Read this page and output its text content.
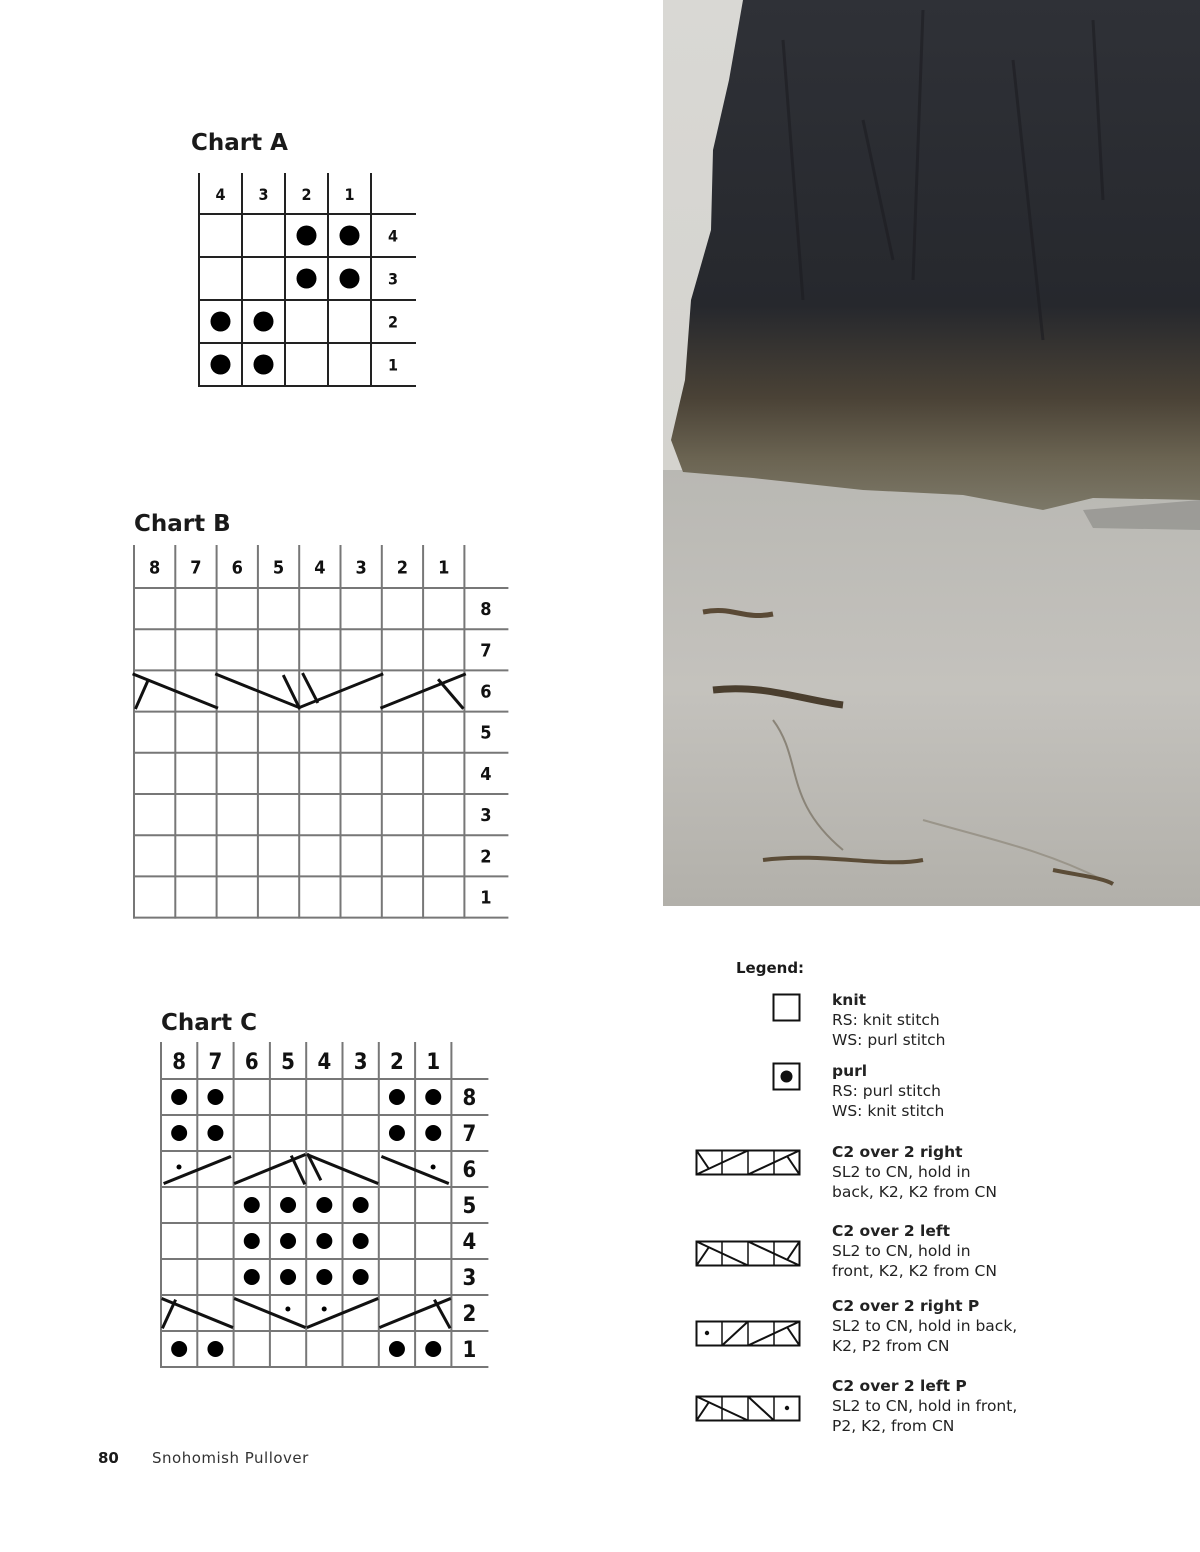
Chart A
4 3 2 1
4
3
2
1
8 7 6 5 4 3 2 1
8
7
6
5
4
3
2
1
8 7 6 5 4 3 2 1
8
7
6
5
4
3
2
1
Chart B
Chart C
Legend:
knit
RS: knit stitch
WS: purl stitch
purl
RS: purl stitch
WS: knit stitch
C2 over 2 right
SL2 to CN, hold in
back, K2, K2 from CN
C2 over 2 left
SL2 to CN, hold in
front, K2, K2 from CN
C2 over 2 right P
SL2 to CN, hold in back,
K2, P2 from CN
C2 over 2 left P
SL2 to CN, hold in front,
P2, K2, from CN
80 Snohomish Pullover
